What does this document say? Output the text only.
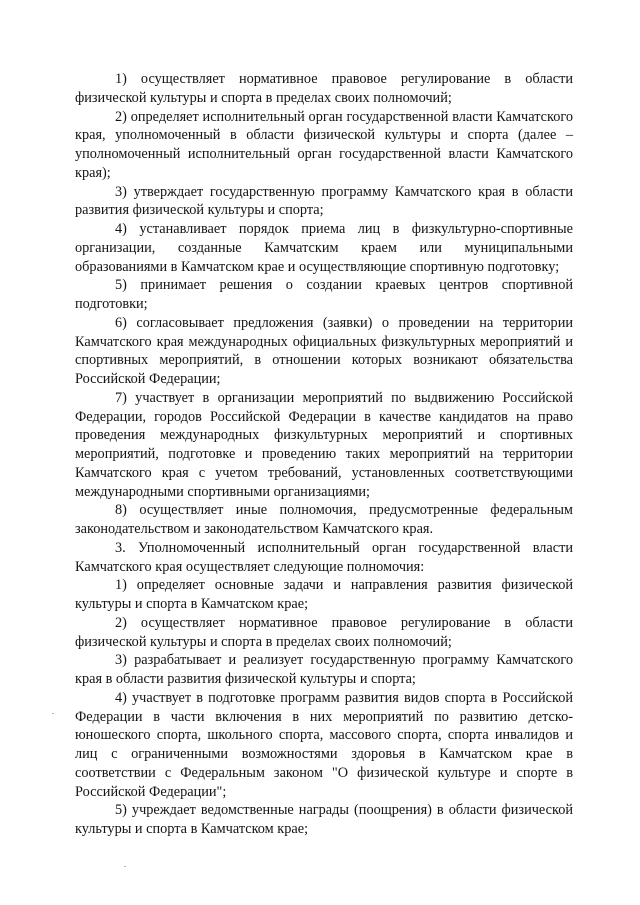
1) осуществляет нормативное правовое регулирование в области физической культуры и спорта в пределах своих полномочий;

2) определяет исполнительный орган государственной власти Камчатского края, уполномоченный в области физической культуры и спорта (далее – уполномоченный исполнительный орган государственной власти Камчатского края);

3) утверждает государственную программу Камчатского края в области развития физической культуры и спорта;

4) устанавливает порядок приема лиц в физкультурно-спортивные организации, созданные Камчатским краем или муниципальными образованиями в Камчатском крае и осуществляющие спортивную подготовку;

5) принимает решения о создании краевых центров спортивной подготовки;

6) согласовывает предложения (заявки) о проведении на территории Камчатского края международных официальных физкультурных мероприятий и спортивных мероприятий, в отношении которых возникают обязательства Российской Федерации;

7) участвует в организации мероприятий по выдвижению Российской Федерации, городов Российской Федерации в качестве кандидатов на право проведения международных физкультурных мероприятий и спортивных мероприятий, подготовке и проведению таких мероприятий на территории Камчатского края с учетом требований, установленных соответствующими международными спортивными организациями;

8) осуществляет иные полномочия, предусмотренные федеральным законодательством и законодательством Камчатского края.

3. Уполномоченный исполнительный орган государственной власти Камчатского края осуществляет следующие полномочия:

1) определяет основные задачи и направления развития физической культуры и спорта в Камчатском крае;

2) осуществляет нормативное правовое регулирование в области физической культуры и спорта в пределах своих полномочий;

3) разрабатывает и реализует государственную программу Камчатского края в области развития физической культуры и спорта;

4) участвует в подготовке программ развития видов спорта в Российской Федерации в части включения в них мероприятий по развитию детско-юношеского спорта, школьного спорта, массового спорта, спорта инвалидов и лиц с ограниченными возможностями здоровья в Камчатском крае в соответствии с Федеральным законом "О физической культуре и спорте в Российской Федерации";

5) учреждает ведомственные награды (поощрения) в области физической культуры и спорта в Камчатском крае;
